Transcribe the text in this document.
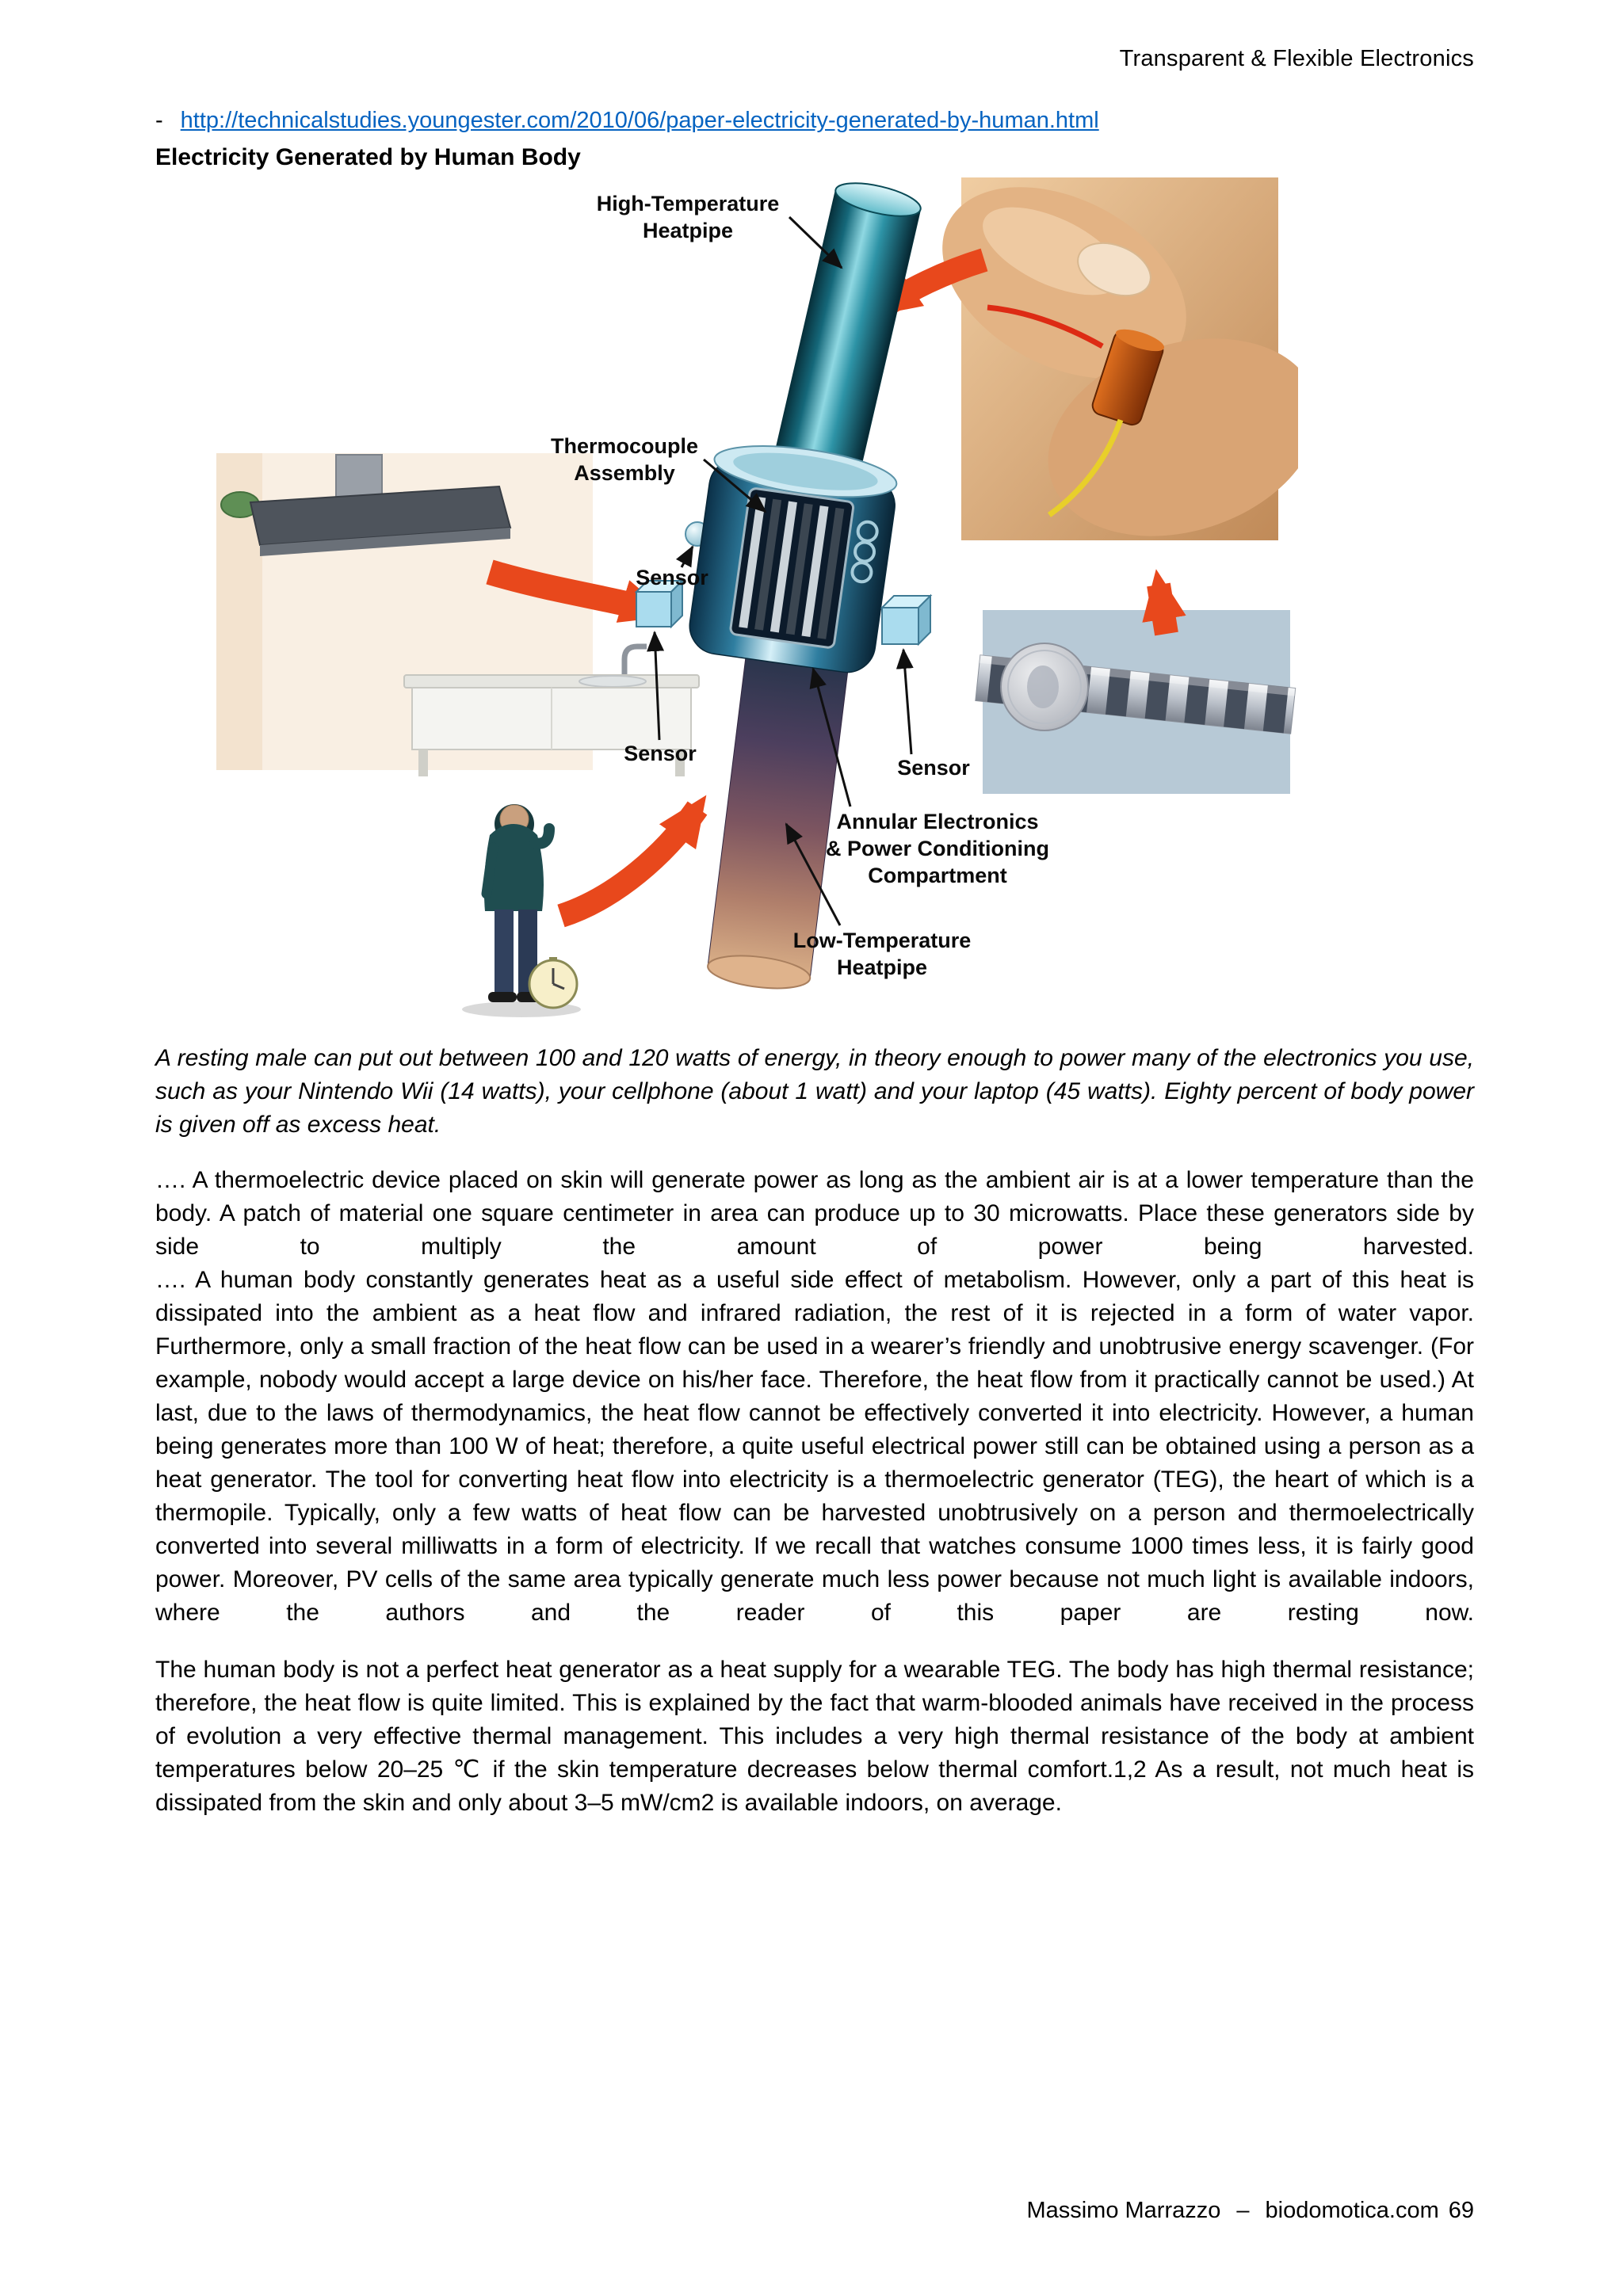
Transparent & Flexible Electronics
- http://technicalstudies.youngester.com/2010/06/paper-electricity-generated-by-human.html
Electricity Generated by Human Body
High-Temperature
Heatpipe
Thermocouple
Assembly
Sensor
Sensor
Sensor
Annular Electronics
& Power Conditioning
Compartment
Low-Temperature
Heatpipe
A resting male can put out between 100 and 120 watts of energy, in theory enough to power many of the electronics you use, such as your Nintendo Wii (14 watts), your cellphone (about 1 watt) and your laptop (45 watts). Eighty percent of body power is given off as excess heat.
…. A thermoelectric device placed on skin will generate power as long as the ambient air is at a lower temperature than the body. A patch of material one square centimeter in area can produce up to 30 microwatts. Place these generators side by side to multiply the amount of power being harvested.
…. A human body constantly generates heat as a useful side effect of metabolism. However, only a part of this heat is dissipated into the ambient as a heat flow and infrared radiation, the rest of it is rejected in a form of water vapor. Furthermore, only a small fraction of the heat flow can be used in a wearer’s friendly and unobtrusive energy scavenger. (For example, nobody would accept a large device on his/her face. Therefore, the heat flow from it practically cannot be used.) At last, due to the laws of thermodynamics, the heat flow cannot be effectively converted it into electricity. However, a human being generates more than 100 W of heat; therefore, a quite useful electrical power still can be obtained using a person as a heat generator. The tool for converting heat flow into electricity is a thermoelectric generator (TEG), the heart of which is a thermopile. Typically, only a few watts of heat flow can be harvested unobtrusively on a person and thermoelectrically converted into several milliwatts in a form of electricity. If we recall that watches consume 1000 times less, it is fairly good power. Moreover, PV cells of the same area typically generate much less power because not much light is available indoors, where the authors and the reader of this paper are resting now.
The human body is not a perfect heat generator as a heat supply for a wearable TEG. The body has high thermal resistance; therefore, the heat flow is quite limited. This is explained by the fact that warm-blooded animals have received in the process of evolution a very effective thermal management. This includes a very high thermal resistance of the body at ambient temperatures below 20–25 ℃ if the skin temperature decreases below thermal comfort.1,2 As a result, not much heat is dissipated from the skin and only about 3–5 mW/cm2 is available indoors, on average.
Massimo Marrazzo – biodomotica.com 69
